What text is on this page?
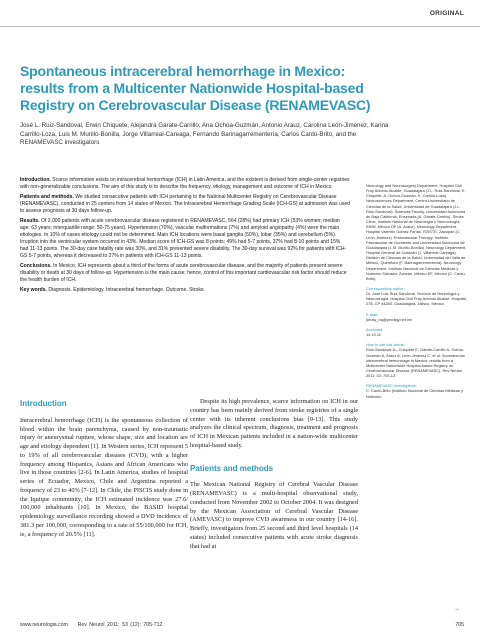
ORIGINAL
Spontaneous intracerebral hemorrhage in Mexico:
results from a Multicenter Nationwide Hospital-based
Registry on Cerebrovascular Disease (RENAMEVASC)

José L. Ruiz-Sandoval, Erwin Chiquete, Alejandra Gárate-Carrillo, Ana Ochoa-Guzmán, Antonio Arauz, Carolina León-Jiménez, Karina Carrillo-Loza, Luis M. Murillo-Bonilla, Jorge Villarreal-Careaga, Fernando Barinagarrementería, Carlos Cantú-Brito, and the RENAMEVASC investigators

Introduction. Scarce information exists on intracerebral hemorrhage (ICH) in Latin America, and the existent is derived from single-center registries with non-generalizable conclusions. The aim of this study is to describe the frequency, etiology, management and outcome of ICH in Mexico.

Patients and methods. We studied consecutive patients with ICH pertaining to the National Multicenter Registry on Cerebrovascular Disease (RENAMEVASC), conducted in 25 centers from 14 states of Mexico. The Intracerebral Hemorrhage Grading Scale (ICH-GS) at admission was used to assess prognosis at 30 days follow-up.

Results. Of 2,000 patients with acute cerebrovascular disease registered in RENAMEVASC, 564 (28%) had primary ICH (53% women; median age: 63 years; interquartile range: 50-75 years). Hypertension (70%), vascular malformations (7%) and amyloid angiopathy (4%) were the main etiologies. In 10% of cases etiology could not be determined. Main ICH locations were basal ganglia (50%), lobar (35%) and cerebellum (5%). Irruption into the ventricular system occurred in 43%. Median score of ICH-GS was 8 points: 49% had 5-7 points, 37% had 8-10 points and 15% had 11-13 points. The 30-day case fatality rate was 30%, and 31% presented severe disability. The 30-day survival was 92% for patients with ICH-GS 5-7 points, whereas it decreased to 27% in patients with ICH-GS 11-13 points.

Conclusions. In Mexico, ICH represents about a third of the forms of acute cerebrovascular disease, and the majority of patients present severe disability or death at 30 days of follow-up. Hypertension is the main cause; hence, control of this important cardiovascular risk factor should reduce the health burden of ICH.

Key words. Diagnosis. Epidemiology. Intracerebral hemorrhage. Outcome. Stroke.

Neurology and Neurosurgery Department, Hospital Civil Fray Antonio Alcalde, Guadalajara (J.L. Ruiz-Sandoval, E. Chiquete, A. Ochoa-Guzmán, K. Carrillo-Loza). Neurosciences Department, Centro Universitario de Ciencias de la Salud, Universidad de Guadalajara (J.L. Ruiz-Sandoval). Sciences Faculty, Universidad Autónoma de Baja California, Ensenada (A. Gárate-Carrillo). Stroke Clinic, Instituto Nacional de Neurología y Neurocirugía, INNN, México DF (A. Arauz). Neurology Department, Hospital Valentín Gómez Farías, ISSSTE, Zapopan (C. León-Jiménez). Endovascular Therapy, Instituto Panvascular de Occidente and Universidad Autónoma de Guadalajara (L.M. Murillo-Bonilla). Neurology Department, Hospital General de Culiacán (J. Villarreal-Careaga). División de Ciencias de la Salud, Universidad del Valle de México, Querétaro (F. Barinagarrementería). Neurology Department, Instituto Nacional de Ciencias Médicas y Nutrición Salvador Zubirán, México DF, México (C. Cantú-Brito).
Corresponding author:
Dr. José Luis Ruiz-Sandoval. Servicio de Neurología y Neurocirugía. Hospital Civil Fray Antonio Alcalde. Hospital, 278. CP 44280. Guadalajara, Jalisco, México.
E-mail:
jorusy_hq@prodigy.net.mx
Accepted:
14.10.11.
How to cite this article:
Ruiz-Sandoval JL, Chiquete E, Gárate-Carrillo A, Ochoa-Guzmán A, Arauz A, León-Jiménez C, et al. Spontaneous intracerebral hemorrhage in Mexico: results from a Multicenter Nationwide Hospital-based Registry on Cerebrovascular Disease (RENAMEVASC). Rev Neurol 2011; 53: 705-12.
RENAMEVASC investigators:
C. Cantú-Brito (Instituto Nacional de Ciencias Médicas y Nutrición
Introduction

Intracerebral hemorrhage (ICH) is the spontaneous collection of blood within the brain parenchyma, caused by non-traumatic injury or aneurysmal rupture, whose shape, size and location are age and etiology dependent [1]. In Western series, ICH represent 5 to 19% of all cerebrovascular diseases (CVD), with a higher frequency among Hispanics, Asians and African Americans who live in those countries [2-6]. In Latin America, studies of hospital series of Ecuador, Mexico, Chile and Argentina reported a frequency of 23 to 40% [7-12]. In Chile, the PISCIS study done in the Iquique community, the ICH estimated incidence was 27.6/ 100,000 inhabitants [10]. In Mexico, the BASID hospital epidemiology surveillance recording showed a DVD incidence of 381.3 per 100,000, corresponding to a rate of 55/100,000 for ICH, ie, a frequency of 20.5% [11].

Despite its high prevalence, scarce information on ICH in our country has been mainly derived from stroke registries of a single center with its inherent conclusions bias [9-13]. This study analyzes the clinical spectrum, diagnosis, treatment and prognosis of ICH in Mexican patients included in a nation-wide multicenter hospital-based study.

Patients and methods

The Mexican National Registry of Cerebral Vascular Disease (RENAMEVASC) is a multi-hospital observational study, conducted from November 2002 to October 2004. It was designed by the Mexican Association of Cerebral Vascular Disease (AMEVASC) to improve CVD awareness in our country [14-16]. Briefly, investigators from 25 second and third level hospitals (14 states) included consecutive patients with acute stroke diagnosis that had at

→
www.neurologia.com Rev Neurol 2011; 53 (12): 705-712	705
